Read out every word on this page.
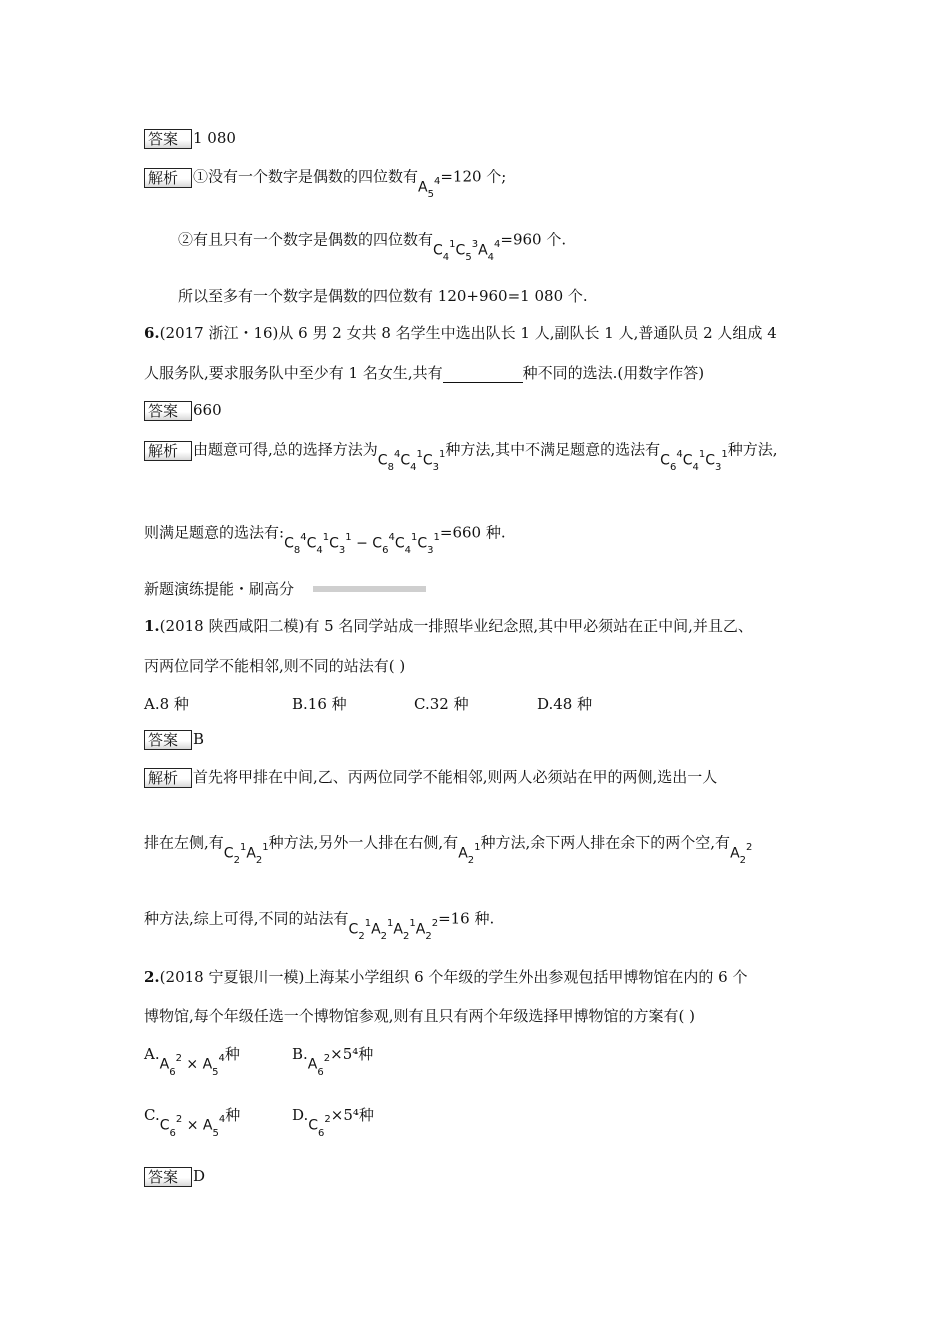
答案 1 080
解析 ①没有一个数字是偶数的四位数有$A_5^4=120$ 个;
②有且只有一个数字是偶数的四位数有$C_4^1C_5^3A_4^4=960$ 个.
所以至多有一个数字是偶数的四位数有 120+960=1 080 个.
6.(2017 浙江・16)从 6 男 2 女共 8 名学生中选出队长 1 人,副队长 1 人,普通队员 2 人组成 4
人服务队,要求服务队中至少有 1 名女生,共有	种不同的选法.(用数字作答)
答案 660
解析 由题意可得,总的选择方法为$C_8^4C_4^1C_3^1$种方法,其中不满足题意的选法有$C_6^4C_4^1C_3^1$种方法,
则满足题意的选法有$:C_8^4C_4^1C_3^1 - C_6^4C_4^1C_3^1=660$ 种.
新题演练提能・刷高分
1.(2018 陕西咸阳二模)有 5 名同学站成一排照毕业纪念照,其中甲必须站在正中间,并且乙、
丙两位同学不能相邻,则不同的站法有( )
A.8 种	B.16 种	C.32 种	D.48 种
答案 B
解析 首先将甲排在中间,乙、丙两位同学不能相邻,则两人必须站在甲的两侧,选出一人
排在左侧,有$C_2^1A_2^1$种方法,另外一人排在右侧,有$A_2^1$种方法,余下两人排在余下的两个空,有$A_2^2$
种方法,综上可得,不同的站法有$C_2^1A_2^1A_2^1A_2^2=16$ 种.
2.(2018 宁夏银川一模)上海某小学组织 6 个年级的学生外出参观包括甲博物馆在内的 6 个
博物馆,每个年级任选一个博物馆参观,则有且只有两个年级选择甲博物馆的方案有( )
$A.A_6^2 \times A_5^4$种	$B.A_6^2\times 5^4$种
$C.C_6^2 \times A_5^4$种	$D.C_6^2\times 5^4$种
答案 D
